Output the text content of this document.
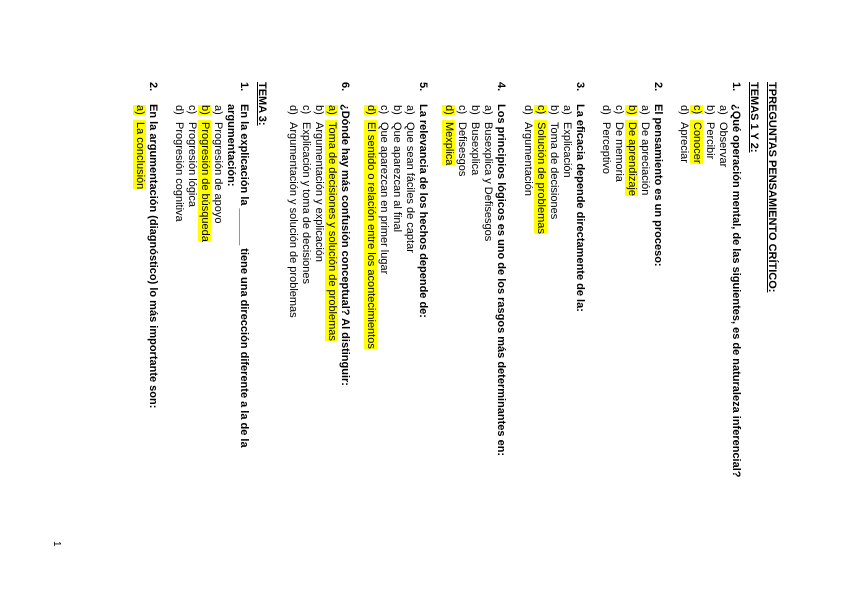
TPREGUNTAS PENSAMIENTO CRÍTICO:
TEMAS 1 Y 2:
1.
¿Qué operación mental, de las siguientes, es de naturaleza inferencial?
a)
Observar
b)
Percibir
c)
Conocer
d)
Apreciar
2.
El pensamiento es un proceso:
a)
De apreciación
b)
De aprendizaje
c)
De memoria
d)
Perceptivo
3.
La eficacia depende directamente de la:
a)
Explicación
b)
Toma de decisiones
c)
Solución de problemas
d)
Argumentación
4.
Los principios lógicos es uno de los rasgos más determinantes en:
a)
Busexplica y Defisesgos
b)
Busexplica
c)
Defisesgos
d)
Mexplica
5.
La relevancia de los hechos depende de:
a)
Que sean fáciles de captar
b)
Que aparezcan al final
c)
Que aparezcan en primer lugar
d)
El sentido o relación entre los acontecimientos
6.
¿Dónde hay más confusión conceptual? Al distinguir:
a)
Toma de decisiones y solución de problemas
b)
Argumentación y explicación
c)
Explicación y toma de decisiones
d)
Argumentación y solución de problemas
TEMA 3:
1.
En la explicación la ______ tiene una dirección diferente a la de la
argumentación:
a)
Progresión de apoyo
b)
Progresión de búsqueda
c)
Progresión lógica
d)
Progresión cognitiva
2.
En la argumentación (diagnóstico) lo más importante son:
a)
La conclusión
1
